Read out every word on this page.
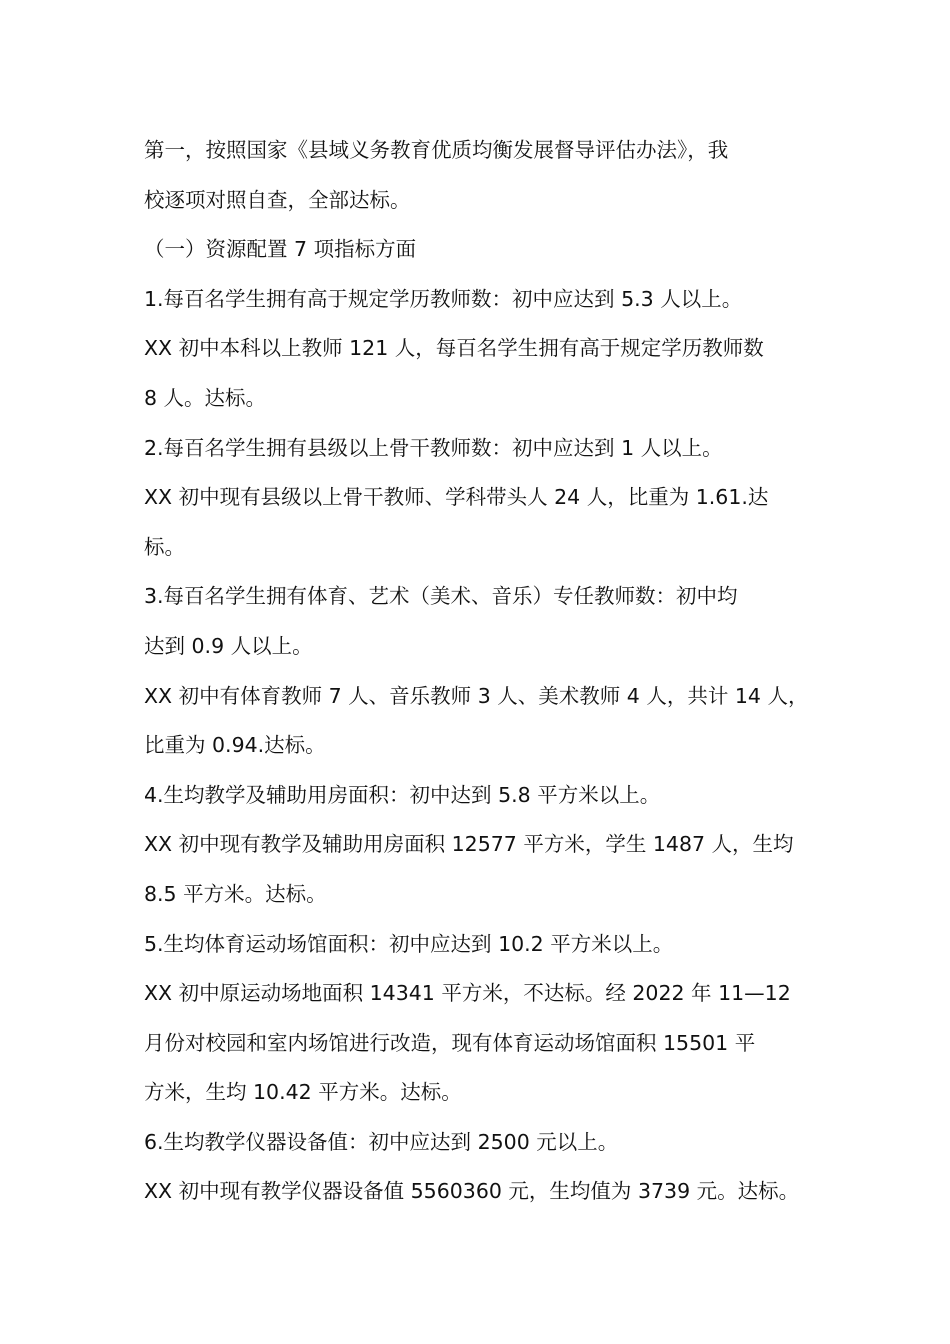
第一，按照国家《县域义务教育优质均衡发展督导评估办法》，我
校逐项对照自查，全部达标。
（一）资源配置 7 项指标方面
1.每百名学生拥有高于规定学历教师数：初中应达到 5.3 人以上。
XX 初中本科以上教师 121 人，每百名学生拥有高于规定学历教师数
8 人。达标。
2.每百名学生拥有县级以上骨干教师数：初中应达到 1 人以上。
XX 初中现有县级以上骨干教师、学科带头人 24 人，比重为 1.61.达
标。
3.每百名学生拥有体育、艺术（美术、音乐）专任教师数：初中均
达到 0.9 人以上。
XX 初中有体育教师 7 人、音乐教师 3 人、美术教师 4 人，共计 14 人，
比重为 0.94.达标。
4.生均教学及辅助用房面积：初中达到 5.8 平方米以上。
XX 初中现有教学及辅助用房面积 12577 平方米，学生 1487 人，生均
8.5 平方米。达标。
5.生均体育运动场馆面积：初中应达到 10.2 平方米以上。
XX 初中原运动场地面积 14341 平方米，不达标。经 2022 年 11—12
月份对校园和室内场馆进行改造，现有体育运动场馆面积 15501 平
方米，生均 10.42 平方米。达标。
6.生均教学仪器设备值：初中应达到 2500 元以上。
XX 初中现有教学仪器设备值 5560360 元，生均值为 3739 元。达标。
